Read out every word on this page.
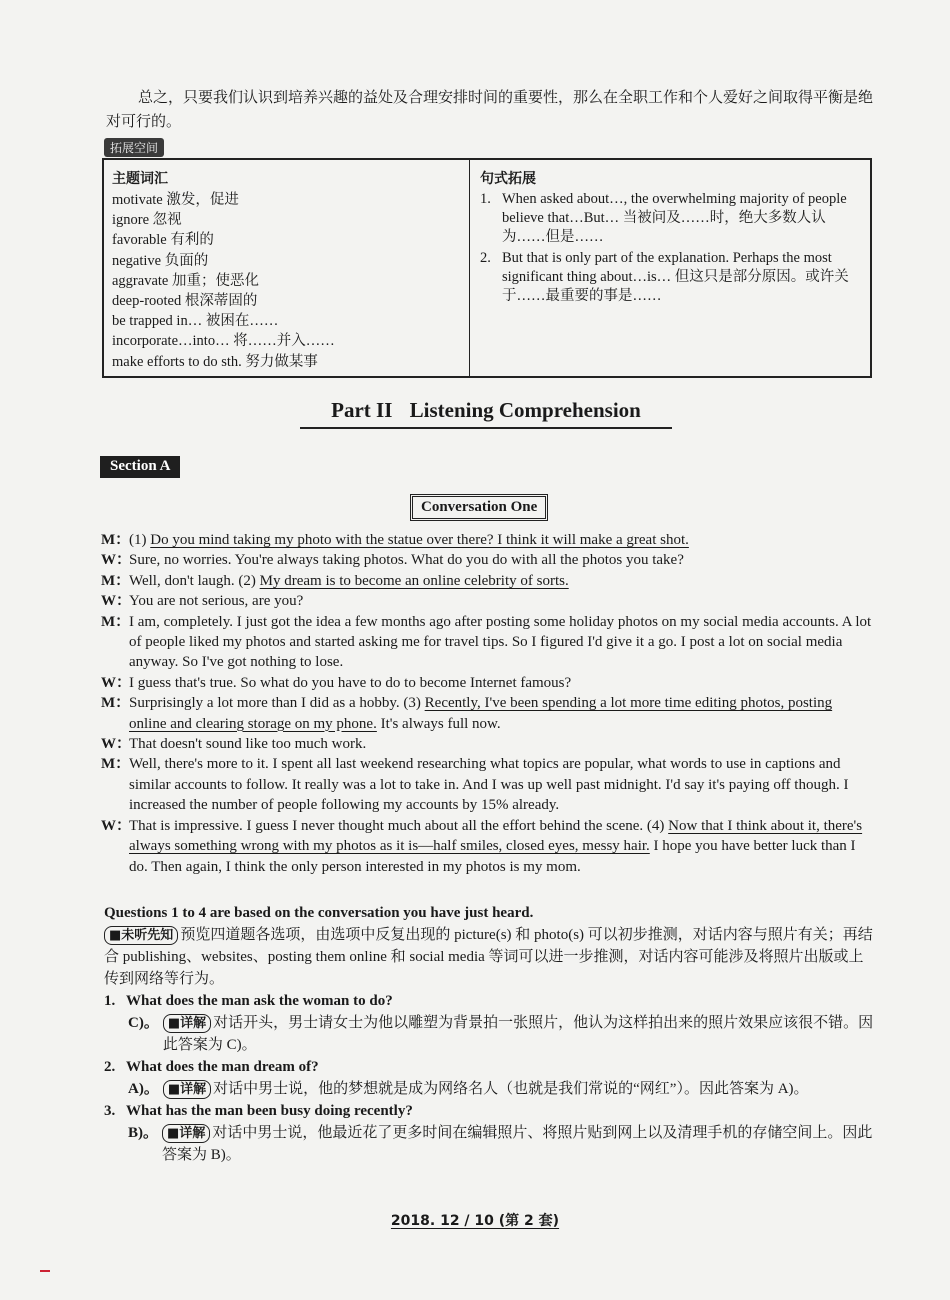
总之，只要我们认识到培养兴趣的益处及合理安排时间的重要性，那么在全职工作和个人爱好之间取得平衡是绝对可行的。
拓展空间
主题词汇
motivate 激发，促进
ignore 忽视
favorable 有利的
negative 负面的
aggravate 加重；使恶化
deep-rooted 根深蒂固的
be trapped in… 被困在……
incorporate…into… 将……并入……
make efforts to do sth. 努力做某事
句式拓展
1. When asked about…, the overwhelming majority of people believe that…But… 当被问及……时，绝大多数人认为……但是……
2. But that is only part of the explanation. Perhaps the most significant thing about…is… 但这只是部分原因。或许关于……最重要的事是……
Part II Listening Comprehension
Section A
Conversation One
M：
(1) Do you mind taking my photo with the statue over there? I think it will make a great shot.
W：
Sure, no worries. You're always taking photos. What do you do with all the photos you take?
M：
Well, don't laugh. (2) My dream is to become an online celebrity of sorts.
W：
You are not serious, are you?
M：
I am, completely. I just got the idea a few months ago after posting some holiday photos on my social media accounts. A lot of people liked my photos and started asking me for travel tips. So I figured I'd give it a go. I post a lot on social media anyway. So I've got nothing to lose.
W：
I guess that's true. So what do you have to do to become Internet famous?
M：
Surprisingly a lot more than I did as a hobby. (3) Recently, I've been spending a lot more time editing photos, posting online and clearing storage on my phone. It's always full now.
W：
That doesn't sound like too much work.
M：
Well, there's more to it. I spent all last weekend researching what topics are popular, what words to use in captions and similar accounts to follow. It really was a lot to take in. And I was up well past midnight. I'd say it's paying off though. I increased the number of people following my accounts by 15% already.
W：
That is impressive. I guess I never thought much about all the effort behind the scene. (4) Now that I think about it, there's always something wrong with my photos as it is—half smiles, closed eyes, messy hair. I hope you have better luck than I do. Then again, I think the only person interested in my photos is my mom.
Questions 1 to 4 are based on the conversation you have just heard.
■未听先知 预览四道题各选项，由选项中反复出现的 picture(s) 和 photo(s) 可以初步推测，对话内容与照片有关；再结合 publishing、websites、posting them online 和 social media 等词可以进一步推测，对话内容可能涉及将照片出版或上传到网络等行为。
1. What does the man ask the woman to do?
C)。 ■详解 对话开头，男士请女士为他以雕塑为背景拍一张照片，他认为这样拍出来的照片效果应该很不错。因此答案为 C)。
2. What does the man dream of?
A)。 ■详解 对话中男士说，他的梦想就是成为网络名人（也就是我们常说的“网红”）。因此答案为 A)。
3. What has the man been busy doing recently?
B)。 ■详解 对话中男士说，他最近花了更多时间在编辑照片、将照片贴到网上以及清理手机的存储空间上。因此答案为 B)。
2018. 12 / 10 (第 2 套)
